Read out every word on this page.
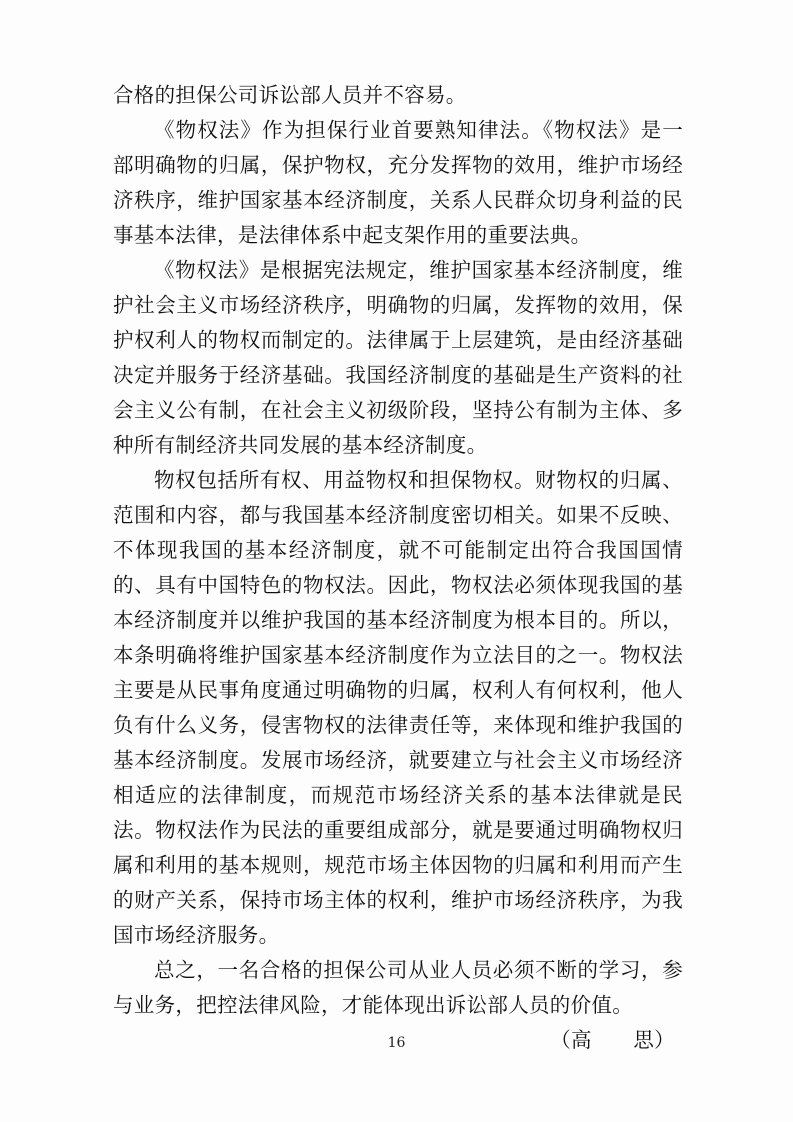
合格的担保公司诉讼部人员并不容易。

《物权法》作为担保行业首要熟知律法。《物权法》是一部明确物的归属，保护物权，充分发挥物的效用，维护市场经济秩序，维护国家基本经济制度，关系人民群众切身利益的民事基本法律，是法律体系中起支架作用的重要法典。

《物权法》是根据宪法规定，维护国家基本经济制度，维护社会主义市场经济秩序，明确物的归属，发挥物的效用，保护权利人的物权而制定的。法律属于上层建筑，是由经济基础决定并服务于经济基础。我国经济制度的基础是生产资料的社会主义公有制，在社会主义初级阶段，坚持公有制为主体、多种所有制经济共同发展的基本经济制度。

物权包括所有权、用益物权和担保物权。财物权的归属、范围和内容，都与我国基本经济制度密切相关。如果不反映、不体现我国的基本经济制度，就不可能制定出符合我国国情的、具有中国特色的物权法。因此，物权法必须体现我国的基本经济制度并以维护我国的基本经济制度为根本目的。所以，本条明确将维护国家基本经济制度作为立法目的之一。物权法主要是从民事角度通过明确物的归属，权利人有何权利，他人负有什么义务，侵害物权的法律责任等，来体现和维护我国的基本经济制度。发展市场经济，就要建立与社会主义市场经济相适应的法律制度，而规范市场经济关系的基本法律就是民法。物权法作为民法的重要组成部分，就是要通过明确物权归属和利用的基本规则，规范市场主体因物的归属和利用而产生的财产关系，保持市场主体的权利，维护市场经济秩序，为我国市场经济服务。

总之，一名合格的担保公司从业人员必须不断的学习，参与业务，把控法律风险，才能体现出诉讼部人员的价值。

（高　　思）

16
